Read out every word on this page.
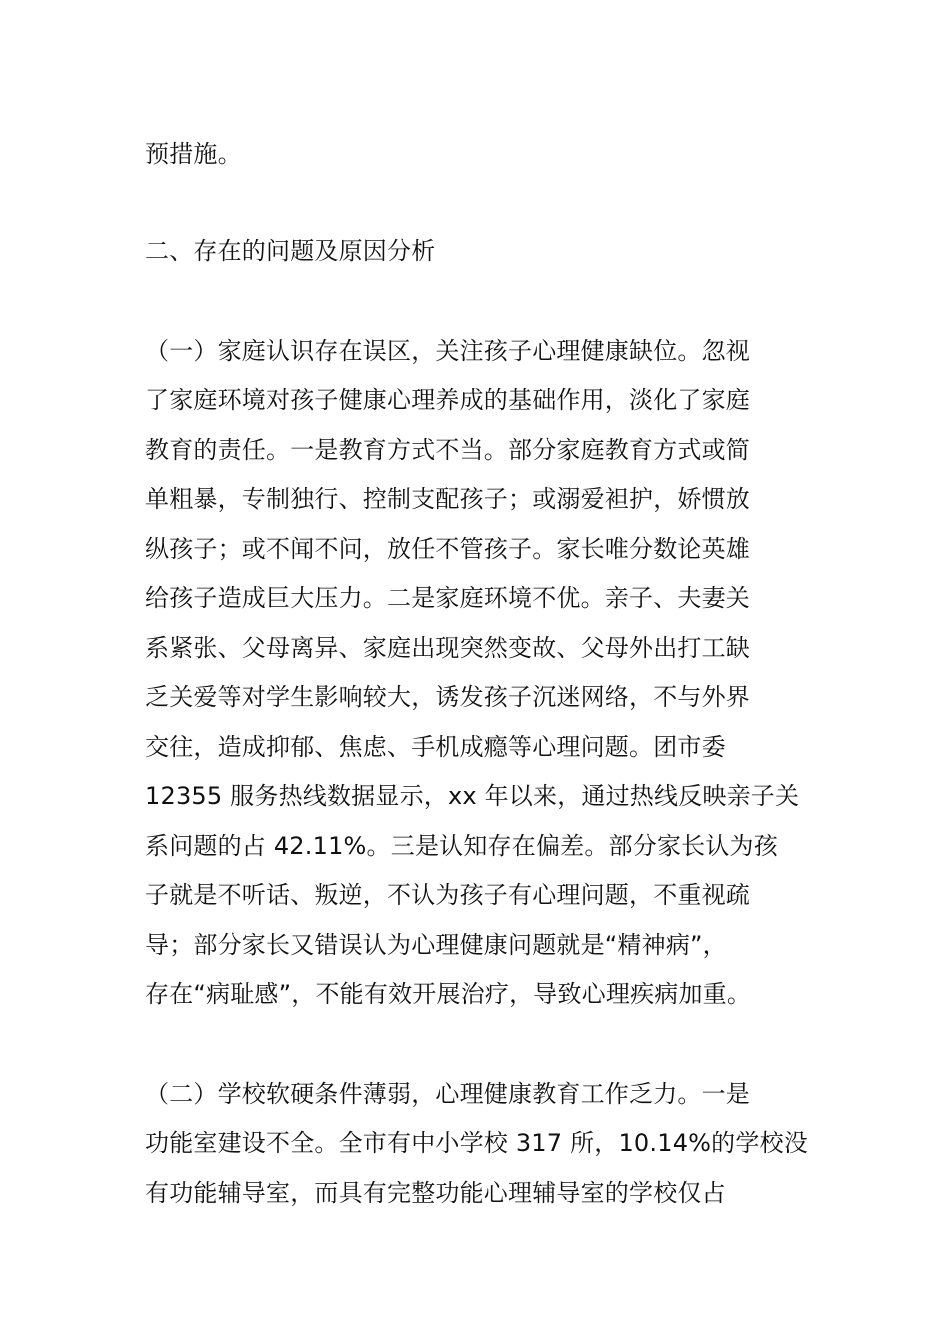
预措施。
二、存在的问题及原因分析
（一）家庭认识存在误区，关注孩子心理健康缺位。忽视
了家庭环境对孩子健康心理养成的基础作用，淡化了家庭
教育的责任。一是教育方式不当。部分家庭教育方式或简
单粗暴，专制独行、控制支配孩子；或溺爱袒护，娇惯放
纵孩子；或不闻不问，放任不管孩子。家长唯分数论英雄
给孩子造成巨大压力。二是家庭环境不优。亲子、夫妻关
系紧张、父母离异、家庭出现突然变故、父母外出打工缺
乏关爱等对学生影响较大，诱发孩子沉迷网络，不与外界
交往，造成抑郁、焦虑、手机成瘾等心理问题。团市委
12355 服务热线数据显示，xx 年以来，通过热线反映亲子关
系问题的占 42.11%。三是认知存在偏差。部分家长认为孩
子就是不听话、叛逆，不认为孩子有心理问题，不重视疏
导；部分家长又错误认为心理健康问题就是“精神病”，
存在“病耻感”，不能有效开展治疗，导致心理疾病加重。
（二）学校软硬条件薄弱，心理健康教育工作乏力。一是
功能室建设不全。全市有中小学校 317 所，10.14%的学校没
有功能辅导室，而具有完整功能心理辅导室的学校仅占
